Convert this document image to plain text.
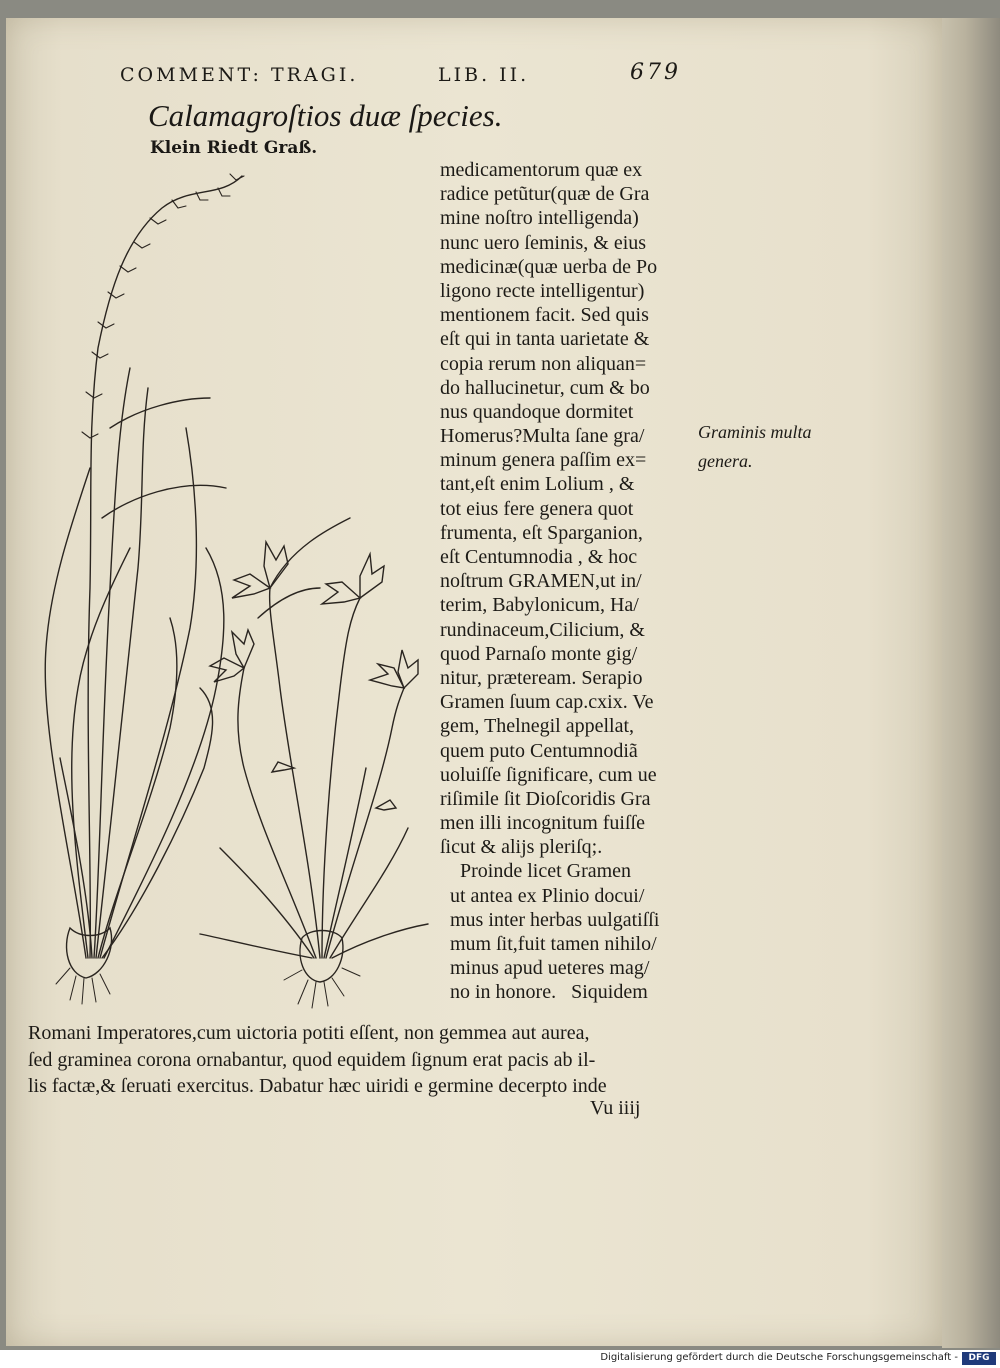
COMMENT: TRAGI.	LIB. II.	679
Calamagroſtios duæ ſpecies.
Klein Riedt Graß.
medicamentorum quæ ex
radice petũtur(quæ de Gra
mine noſtro intelligenda)
nunc uero ſeminis, & eius
medicinæ(quæ uerba de Po
ligono recte intelligentur)
mentionem facit. Sed quis
eſt qui in tanta uarietate &
copia rerum non aliquan=
do hallucinetur, cum & bo
nus quandoque dormitet
Homerus?Multa ſane gra/
minum genera paſſim ex=
tant,eſt enim Lolium , &
tot eius fere genera quot
frumenta, eſt Sparganion,
eſt Centumnodia , & hoc
noſtrum GRAMEN,ut in/
terim, Babylonicum, Ha/
rundinaceum,Cilicium, &
quod Parnaſo monte gig/
nitur, præteream. Serapio
Gramen ſuum cap.cxix. Ve
gem, Thelnegil appellat,
quem puto Centumnodiã
uoluiſſe ſignificare, cum ue
riſimile ſit Dioſcoridis Gra
men illi incognitum fuiſſe
ſicut & alijs pleriſq;.
Proinde licet Gramen
ut antea ex Plinio docui/
mus inter herbas uulgatiſſi
mum ſit,fuit tamen nihilo/
minus apud ueteres mag/
no in honore.   Siquidem
Graminis multa
genera.
Romani Imperatores,cum uictoria potiti eſſent, non gemmea aut aurea,
ſed graminea corona ornabantur, quod equidem ſignum erat pacis ab il-
lis factæ,& ſeruati exercitus. Dabatur hæc uiridi e germine decerpto inde
Vu iiij
Digitalisierung gefördert durch die Deutsche Forschungsgemeinschaft -	DFG
